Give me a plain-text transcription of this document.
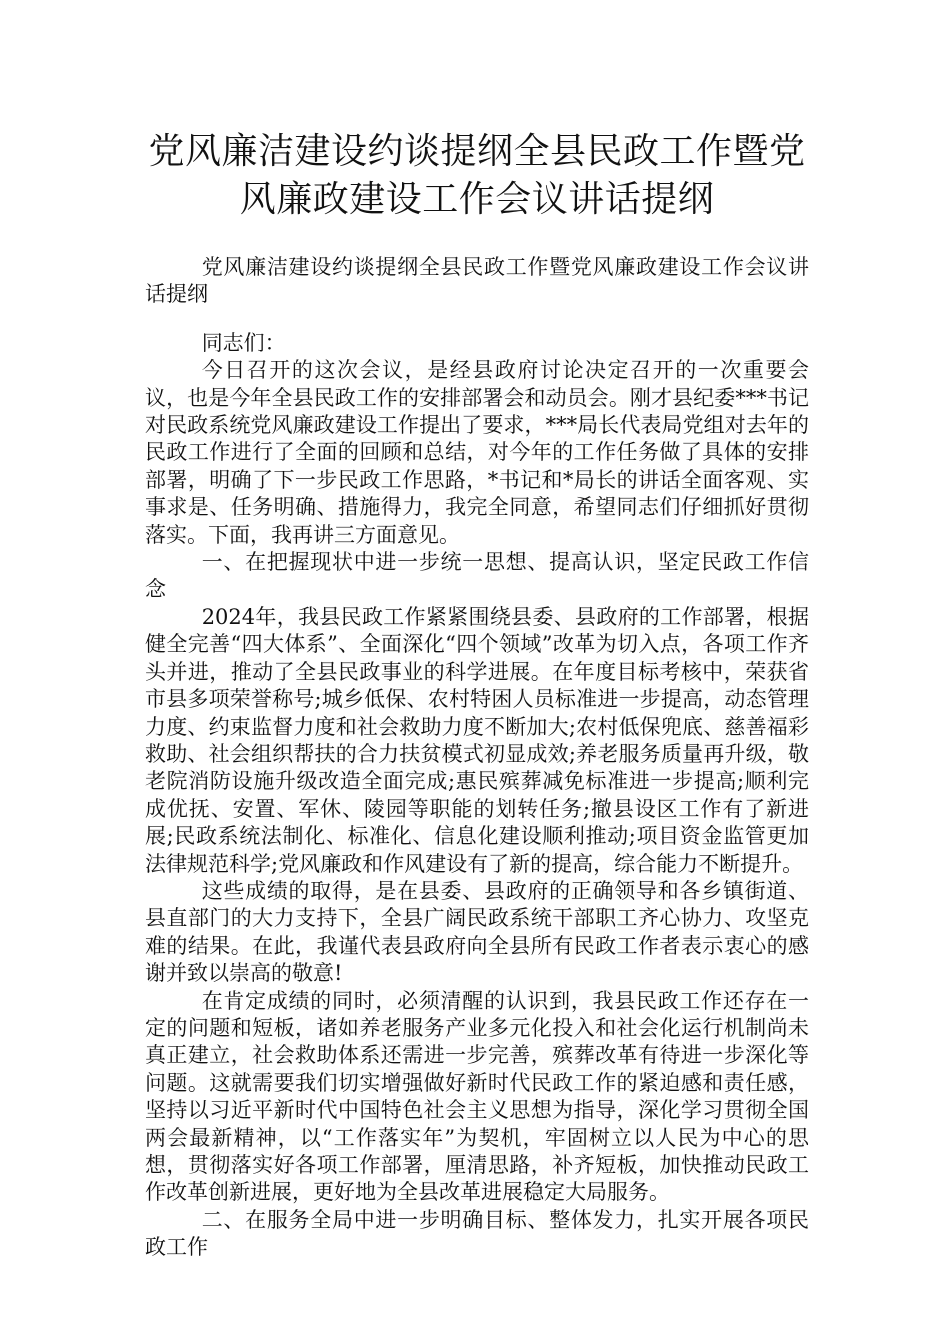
党风廉洁建设约谈提纲全县民政工作暨党
风廉政建设工作会议讲话提纲

党风廉洁建设约谈提纲全县民政工作暨党风廉政建设工作会议讲话提纲

同志们：

今日召开的这次会议，是经县政府讨论决定召开的一次重要会议，也是今年全县民政工作的安排部署会和动员会。刚才县纪委***书记对民政系统党风廉政建设工作提出了要求，***局长代表局党组对去年的民政工作进行了全面的回顾和总结，对今年的工作任务做了具体的安排部署，明确了下一步民政工作思路，*书记和*局长的讲话全面客观、实事求是、任务明确、措施得力，我完全同意，希望同志们仔细抓好贯彻落实。下面，我再讲三方面意见。

一、在把握现状中进一步统一思想、提高认识，坚定民政工作信念

2024年，我县民政工作紧紧围绕县委、县政府的工作部署，根据健全完善“四大体系”、全面深化“四个领域”改革为切入点，各项工作齐头并进，推动了全县民政事业的科学进展。在年度目标考核中，荣获省市县多项荣誉称号;城乡低保、农村特困人员标准进一步提高，动态管理力度、约束监督力度和社会救助力度不断加大;农村低保兜底、慈善福彩救助、社会组织帮扶的合力扶贫模式初显成效;养老服务质量再升级，敬老院消防设施升级改造全面完成;惠民殡葬减免标准进一步提高;顺利完成优抚、安置、军休、陵园等职能的划转任务;撤县设区工作有了新进展;民政系统法制化、标准化、信息化建设顺利推动;项目资金监管更加法律规范科学;党风廉政和作风建设有了新的提高，综合能力不断提升。

这些成绩的取得，是在县委、县政府的正确领导和各乡镇街道、县直部门的大力支持下，全县广阔民政系统干部职工齐心协力、攻坚克难的结果。在此，我谨代表县政府向全县所有民政工作者表示衷心的感谢并致以崇高的敬意!

在肯定成绩的同时，必须清醒的认识到，我县民政工作还存在一定的问题和短板，诸如养老服务产业多元化投入和社会化运行机制尚未真正建立，社会救助体系还需进一步完善，殡葬改革有待进一步深化等问题。这就需要我们切实增强做好新时代民政工作的紧迫感和责任感，坚持以习近平新时代中国特色社会主义思想为指导，深化学习贯彻全国两会最新精神，以“工作落实年”为契机，牢固树立以人民为中心的思想，贯彻落实好各项工作部署，厘清思路，补齐短板，加快推动民政工作改革创新进展，更好地为全县改革进展稳定大局服务。

二、在服务全局中进一步明确目标、整体发力，扎实开展各项民政工作
